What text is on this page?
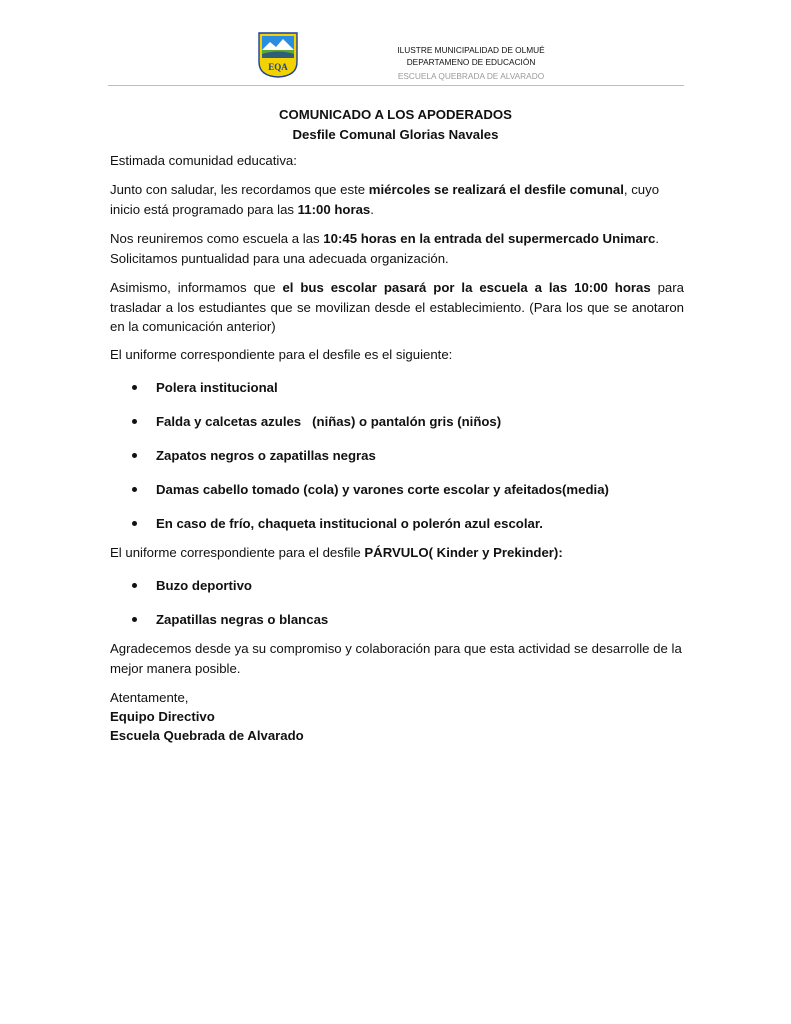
EQA
ILUSTRE MUNICIPALIDAD DE OLMUÉ
DEPARTAMENO DE EDUCACIÓN
ESCUELA QUEBRADA DE ALVARADO
COMUNICADO A LOS APODERADOS
Desfile Comunal Glorias Navales
Estimada comunidad educativa:
Junto con saludar, les recordamos que este miércoles se realizará el desfile comunal, cuyo inicio está programado para las 11:00 horas.
Nos reuniremos como escuela a las 10:45 horas en la entrada del supermercado Unimarc. Solicitamos puntualidad para una adecuada organización.
Asimismo, informamos que el bus escolar pasará por la escuela a las 10:00 horas para trasladar a los estudiantes que se movilizan desde el establecimiento. (Para los que se anotaron en la comunicación anterior)
El uniforme correspondiente para el desfile es el siguiente:
Polera institucional
Falda y calcetas azules   (niñas) o pantalón gris (niños)
Zapatos negros o zapatillas negras
Damas cabello tomado (cola) y varones corte escolar y afeitados(media)
En caso de frío, chaqueta institucional o polerón azul escolar.
El uniforme correspondiente para el desfile PÁRVULO( Kinder y Prekinder):
Buzo deportivo
Zapatillas negras o blancas
Agradecemos desde ya su compromiso y colaboración para que esta actividad se desarrolle de la mejor manera posible.
Atentamente,
Equipo Directivo
Escuela Quebrada de Alvarado
